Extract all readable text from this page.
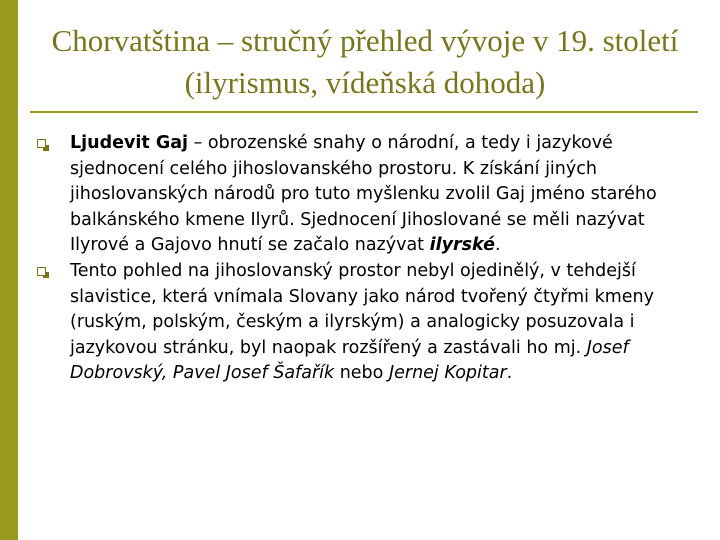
Chorvatština – stručný přehled vývoje v 19. století (ilyrismus, vídeňská dohoda)
Ljudevit Gaj – obrozenské snahy o národní, a tedy i jazykové sjednocení celého jihoslovanského prostoru. K získání jiných jihoslovanských národů pro tuto myšlenku zvolil Gaj jméno starého balkánského kmene Ilyrů. Sjednocení Jihoslované se měli nazývat Ilyrové a Gajovo hnutí se začalo nazývat ilyrské.
Tento pohled na jihoslovanský prostor nebyl ojedinělý, v tehdejší slavistice, která vnímala Slovany jako národ tvořený čtyřmi kmeny (ruským, polským, českým a ilyrským) a analogicky posuzovala i jazykovou stránku, byl naopak rozšířený a zastávali ho mj. Josef Dobrovský, Pavel Josef Šafařík nebo Jernej Kopitar.
